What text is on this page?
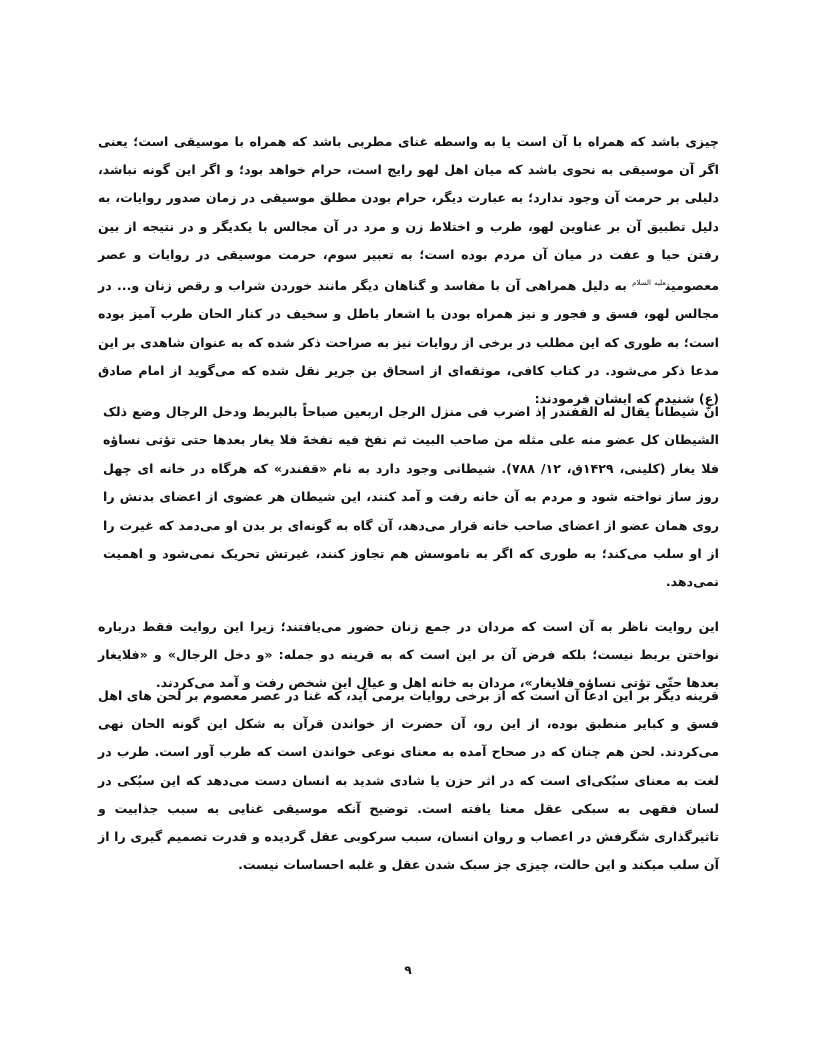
چیزی باشد که همراه با آن است یا به واسطه غنای مطربی باشد که همراه با موسیقی است؛ یعنی اگر آن موسیقی به نحوی باشد که میان اهل لهو رایج است، حرام خواهد بود؛ و اگر این گونه نباشد، دلیلی بر حرمت آن وجود ندارد؛ به عبارت دیگر، حرام بودن مطلق موسیقی در زمان صدور روایات، به دلیل تطبیق آن بر عناوین لهو، طرب و اختلاط زن و مرد در آن مجالس با یکدیگر و در نتیجه از بین رفتن حیا و عفت در میان آن مردم بوده است؛ به تعبیر سوم، حرمت موسیقی در روایات و عصر معصومین$^{علیه السلام}$ به دلیل همراهی آن با مفاسد و گناهان دیگر مانند خوردن شراب و رقص زنان و... در مجالس لهو، فسق و فجور و نیز همراه بودن با اشعار باطل و سخیف در کنار الحان طرب آمیز بوده است؛ به طوری که این مطلب در برخی از روایات نیز به صراحت ذکر شده که به عنوان شاهدی بر این مدعا ذکر می‌شود. در کتاب کافی، موثقه‌ای از اسحاق بن جریر نقل شده که می‌گوید از امام صادق (ع) شنیدم که ایشان فرمودند:

انّ شیطاناً یقال له القفندر إذ اضرب فی منزل الرجل اربعین صباحاً بالبربط ودخل الرجال وضع ذلک الشیطان کل عضو منه علی مثله من صاحب البیت ثم نفخ فیه نفخهً فلا یغار بعدها حتی تؤتی نساؤه فلا یغار (کلینی، ۱۴۲۹ق، ۱۲/ ۷۸۸). شیطانی وجود دارد به نام «قفندر» که هرگاه در خانه ای چهل روز ساز نواخته شود و مردم به آن خانه رفت و آمد کنند، این شیطان هر عضوی از اعضای بدنش را روی همان عضو از اعضای صاحب خانه قرار می‌دهد، آن گاه به گونه‌ای بر بدن او می‌دمد که غیرت را از او سلب می‌کند؛ به طوری که اگر به ناموسش هم تجاوز کنند، غیرتش تحریک نمی‌شود و اهمیت نمی‌دهد.

این روایت ناظر به آن است که مردان در جمع زنان حضور می‌یافتند؛ زیرا این روایت فقط درباره نواختن بربط نیست؛ بلکه فرض آن بر این است که به قرینه دو جمله: «و دخل الرجال» و «فلایغار بعدها حتّی تؤتی نساؤه فلایغار»، مردان به خانه اهل و عیال این شخص رفت و آمد می‌کردند.

قرینه دیگر بر این ادعا آن است که از برخی روایات برمی آید، که غنا در عصر معصوم بر لحن های اهل فسق و کبایر منطبق بوده، از این رو، آن حضرت از خواندن قرآن به شکل این گونه الحان نهی می‌کردند. لحن هم چنان که در صحاح آمده به معنای نوعی خواندن است که طرب آور است. طرب در لغت به معنای سبُکی‌ای است که در اثر حزن یا شادی شدید به انسان دست می‌دهد که این سبُکی در لسان فقهی به سبکی عقل معنا یافته است. توضیح آنکه موسیقی غنایی به سبب جذابیت و تاثیرگذاری شگرفش در اعصاب و روان انسان، سبب سرکوبی عقل گردیده و قدرت تصمیم گیری را از آن سلب میکند و این حالت، چیزی جز سبک شدن عقل و غلبه احساسات نیست.

۹
